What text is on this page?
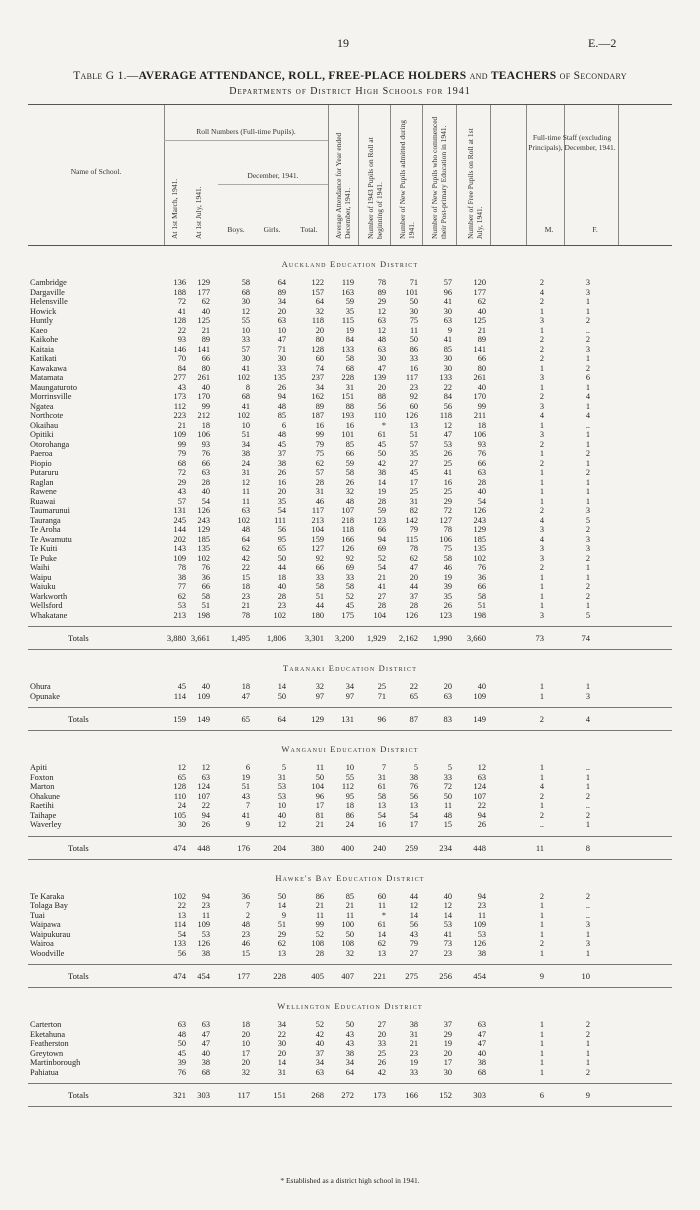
19	E.—2
Table G 1.—AVERAGE ATTENDANCE, ROLL, FREE-PLACE HOLDERS and TEACHERS of Secondary
Departments of District High Schools for 1941
Name of School.
Roll Numbers (Full-time Pupils).
At 1st March, 1941.	At 1st July, 1941.
December, 1941.
Boys.	Girls.	Total.	Average Attendance for Year ended December, 1941.	Number of 1943 Pupils on Roll at beginning of 1941.	Number of New Pupils admitted during 1941.	Number of New Pupils who commenced their Post-primary Education in 1941.	Number of Free Pupils on Roll at 1st July, 1941.
Full-time Staff (excluding Principals), December, 1941.
M.	F.
Auckland Education District
Cambridge	136	129	58	64	122	119	78	71	57	120	2	3
Dargaville	188	177	68	89	157	163	89	101	96	177	4	3
Helensville	72	62	30	34	64	59	29	50	41	62	2	1
Howick	41	40	12	20	32	35	12	30	30	40	1	1
Huntly	128	125	55	63	118	115	63	75	63	125	3	2
Kaeo	22	21	10	10	20	19	12	11	9	21	1	..
Kaikohe	93	89	33	47	80	84	48	50	41	89	2	2
Kaitaia	146	141	57	71	128	133	63	86	85	141	2	3
Katikati	70	66	30	30	60	58	30	33	30	66	2	1
Kawakawa	84	80	41	33	74	68	47	16	30	80	1	2
Matamata	277	261	102	135	237	228	139	117	133	261	3	6
Maungaturoto	43	40	8	26	34	31	20	23	22	40	1	1
Morrinsville	173	170	68	94	162	151	88	92	84	170	2	4
Ngatea	112	99	41	48	89	88	56	60	56	99	3	1
Northcote	223	212	102	85	187	193	110	126	118	211	4	4
Okaihau	21	18	10	6	16	16	*	13	12	18	1	..
Opitiki	109	106	51	48	99	101	61	51	47	106	3	1
Otorohanga	99	93	34	45	79	85	45	57	53	93	2	1
Paeroa	79	76	38	37	75	66	50	35	26	76	1	2
Piopio	68	66	24	38	62	59	42	27	25	66	2	1
Putaruru	72	63	31	26	57	58	38	45	41	63	1	2
Raglan	29	28	12	16	28	26	14	17	16	28	1	1
Rawene	43	40	11	20	31	32	19	25	25	40	1	1
Ruawai	57	54	11	35	46	48	28	31	29	54	1	1
Taumarunui	131	126	63	54	117	107	59	82	72	126	2	3
Tauranga	245	243	102	111	213	218	123	142	127	243	4	5
Te Aroha	144	129	48	56	104	118	66	79	78	129	3	2
Te Awamutu	202	185	64	95	159	166	94	115	106	185	4	3
Te Kuiti	143	135	62	65	127	126	69	78	75	135	3	3
Te Puke	109	102	42	50	92	92	52	62	58	102	3	2
Waihi	78	76	22	44	66	69	54	47	46	76	2	1
Waipu	38	36	15	18	33	33	21	20	19	36	1	1
Waiuku	77	66	18	40	58	58	41	44	39	66	1	2
Warkworth	62	58	23	28	51	52	27	37	35	58	1	2
Wellsford	53	51	21	23	44	45	28	28	26	51	1	1
Whakatane	213	198	78	102	180	175	104	126	123	198	3	5
Totals	3,880 3,661	1,495	1,806	3,301	3,200	1,929	2,162	1,990	3,660	73	74
Taranaki Education District
Ohura	45	40	18	14	32	34	25	22	20	40	1	1
Opunake	114	109	47	50	97	97	71	65	63	109	1	3
Totals	159	149	65	64	129	131	96	87	83	149	2	4
Wanganui Education District
Apiti	12	12	6	5	11	10	7	5	5	12	1	..
Foxton	65	63	19	31	50	55	31	38	33	63	1	1
Marton	128	124	51	53	104	112	61	76	72	124	4	1
Ohakune	110	107	43	53	96	95	58	56	50	107	2	2
Raetihi	24	22	7	10	17	18	13	13	11	22	1	..
Taihape	105	94	41	40	81	86	54	54	48	94	2	2
Waverley	30	26	9	12	21	24	16	17	15	26	..	1
Totals	474	448	176	204	380	400	240	259	234	448	11	8
Hawke's Bay Education District
Te Karaka	102	94	36	50	86	85	60	44	40	94	2	2
Tolaga Bay	22	23	7	14	21	21	11	12	12	23	1	..
Tuai	13	11	2	9	11	11	*	14	14	11	1	..
Waipawa	114	109	48	51	99	100	61	56	53	109	1	3
Waipukurau	54	53	23	29	52	50	14	43	41	53	1	1
Wairoa	133	126	46	62	108	108	62	79	73	126	2	3
Woodville	56	38	15	13	28	32	13	27	23	38	1	1
Totals	474	454	177	228	405	407	221	275	256	454	9	10
Wellington Education District
Carterton	63	63	18	34	52	50	27	38	37	63	1	2
Eketahuna	48	47	20	22	42	43	20	31	29	47	1	2
Featherston	50	47	10	30	40	43	33	21	19	47	1	1
Greytown	45	40	17	20	37	38	25	23	20	40	1	1
Martinborough	39	38	20	14	34	34	26	19	17	38	1	1
Pahiatua	76	68	32	31	63	64	42	33	30	68	1	2
Totals	321	303	117	151	268	272	173	166	152	303	6	9
* Established as a district high school in 1941.
